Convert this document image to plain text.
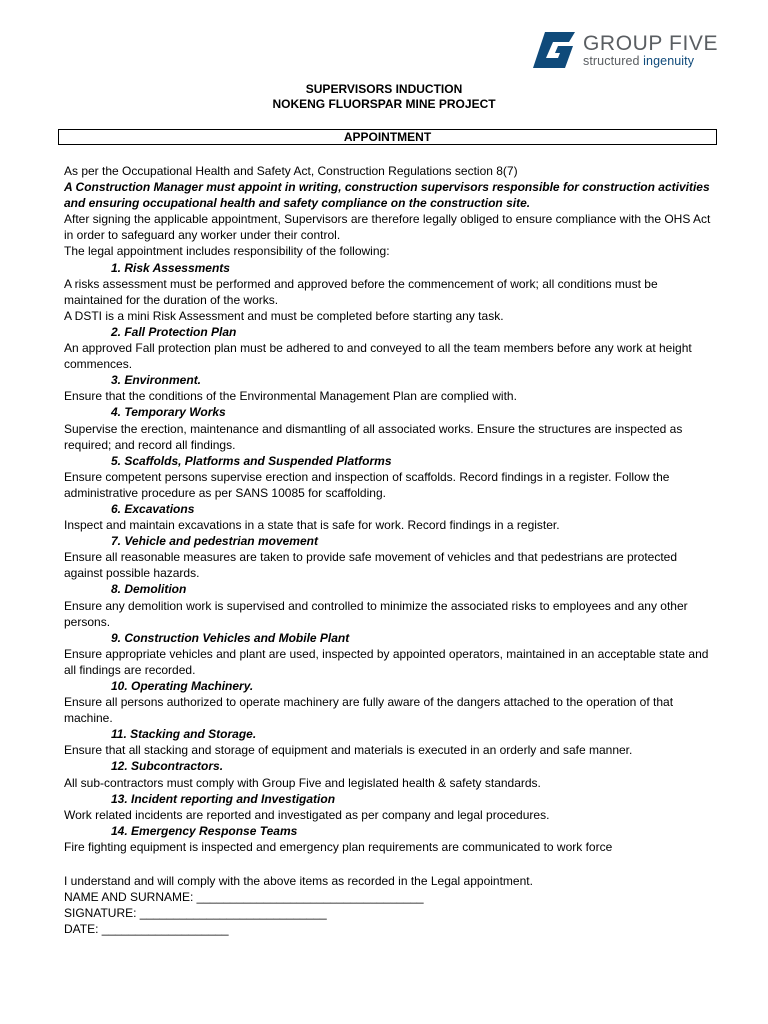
GROUP FIVE
structured ingenuity
SUPERVISORS INDUCTION
NOKENG FLUORSPAR MINE PROJECT
APPOINTMENT

As per the Occupational Health and Safety Act, Construction Regulations section 8(7)

A Construction Manager must appoint in writing, construction supervisors responsible for construction activities and ensuring occupational health and safety compliance on the construction site.

After signing the applicable appointment, Supervisors are therefore legally obliged to ensure compliance with the OHS Act in order to safeguard any worker under their control.

The legal appointment includes responsibility of the following:

1. Risk Assessments

A risks assessment must be performed and approved before the commencement of work; all conditions must be maintained for the duration of the works.

A DSTI is a mini Risk Assessment and must be completed before starting any task.

2. Fall Protection Plan

An approved Fall protection plan must be adhered to and conveyed to all the team members before any work at height commences.

3. Environment.

Ensure that the conditions of the Environmental Management Plan are complied with.

4. Temporary Works

Supervise the erection, maintenance and dismantling of all associated works. Ensure the structures are inspected as required; and record all findings.

5. Scaffolds, Platforms and Suspended Platforms

Ensure competent persons supervise erection and inspection of scaffolds. Record findings in a register. Follow the administrative procedure as per SANS 10085 for scaffolding.

6. Excavations

Inspect and maintain excavations in a state that is safe for work. Record findings in a register.

7. Vehicle and pedestrian movement

Ensure all reasonable measures are taken to provide safe movement of vehicles and that pedestrians are protected against possible hazards.

8. Demolition

Ensure any demolition work is supervised and controlled to minimize the associated risks to employees and any other persons.

9. Construction Vehicles and Mobile Plant

Ensure appropriate vehicles and plant are used, inspected by appointed operators, maintained in an acceptable state and all findings are recorded.

10. Operating Machinery.

Ensure all persons authorized to operate machinery are fully aware of the dangers attached to the operation of that machine.

11. Stacking and Storage.

Ensure that all stacking and storage of equipment and materials is executed in an orderly and safe manner.

12. Subcontractors.

All sub-contractors must comply with Group Five and legislated health & safety standards.

13. Incident reporting and Investigation

Work related incidents are reported and investigated as per company and legal procedures.

14. Emergency Response Teams

Fire fighting equipment is inspected and emergency plan requirements are communicated to work force

I understand and will comply with the above items as recorded in the Legal appointment.

NAME AND SURNAME: __________________________________

SIGNATURE: ____________________________

DATE: ___________________
